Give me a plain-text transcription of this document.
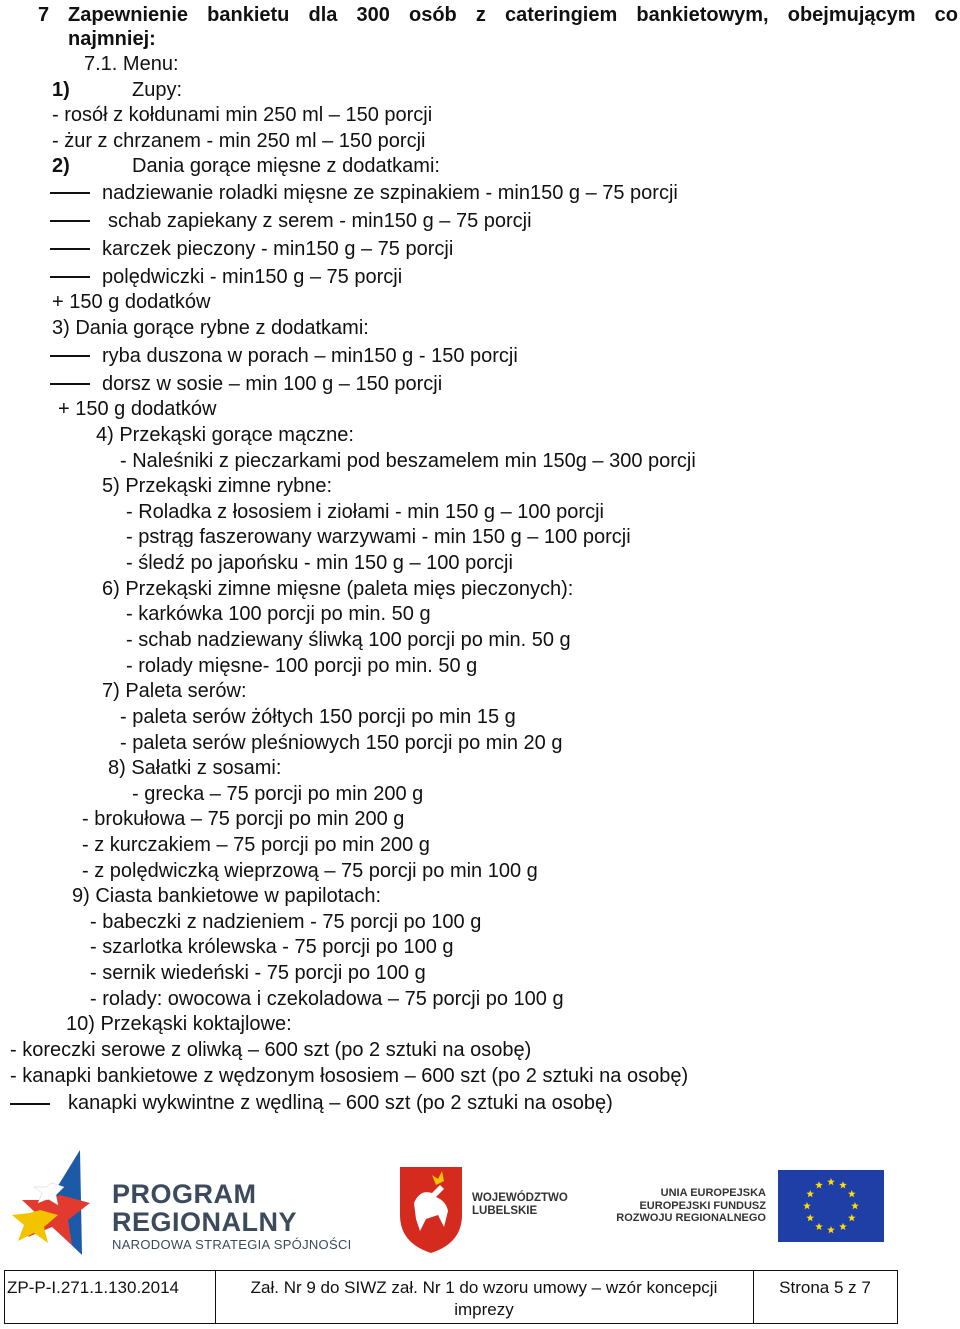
7 Zapewnienie bankietu dla 300 osób z cateringiem bankietowym, obejmującym co
najmniej:
7.1. Menu:
1)	Zupy:
- rosół z kołdunami min 250 ml – 150 porcji
- żur z chrzanem - min 250 ml – 150 porcji
2)	Dania gorące mięsne z dodatkami:
nadziewanie roladki mięsne ze szpinakiem - min150 g – 75 porcji
schab zapiekany z serem - min150 g – 75 porcji
karczek pieczony - min150 g – 75 porcji
polędwiczki - min150 g – 75 porcji
+ 150 g dodatków
3) Dania gorące rybne z dodatkami:
ryba duszona w porach – min150 g - 150 porcji
dorsz w sosie – min 100 g – 150 porcji
+ 150 g dodatków
4) Przekąski gorące mączne:
- Naleśniki z pieczarkami pod beszamelem min 150g – 300 porcji
5) Przekąski zimne rybne:
- Roladka z łososiem i ziołami - min 150 g – 100 porcji
- pstrąg faszerowany warzywami - min 150 g – 100 porcji
- śledź po japońsku - min 150 g – 100 porcji
6) Przekąski zimne mięsne (paleta mięs pieczonych):
- karkówka 100 porcji po min. 50 g
- schab nadziewany śliwką 100 porcji po min. 50 g
- rolady mięsne- 100 porcji po min. 50 g
7) Paleta serów:
- paleta serów żółtych 150 porcji po min 15 g
- paleta serów pleśniowych 150 porcji po min 20 g
8) Sałatki z sosami:
- grecka – 75 porcji po min 200 g
- brokułowa – 75 porcji po min 200 g
- z kurczakiem – 75 porcji po min 200 g
- z polędwiczką wieprzową – 75 porcji po min 100 g
9) Ciasta bankietowe w papilotach:
- babeczki z nadzieniem - 75 porcji po 100 g
- szarlotka królewska - 75 porcji po 100 g
- sernik wiedeński - 75 porcji po 100 g
- rolady: owocowa i czekoladowa – 75 porcji po 100 g
10) Przekąski koktajlowe:
- koreczki serowe z oliwką – 600 szt (po 2 sztuki na osobę)
- kanapki bankietowe z wędzonym łososiem – 600 szt (po 2 sztuki na osobę)
kanapki wykwintne z wędliną – 600 szt (po 2 sztuki na osobę)
PROGRAM
REGIONALNY
NARODOWA STRATEGIA SPÓJNOŚCI
WOJEWÓDZTWO
LUBELSKIE
UNIA EUROPEJSKA
EUROPEJSKI FUNDUSZ
ROZWOJU REGIONALNEGO
ZP-P-I.271.1.130.2014	Zał. Nr 9 do SIWZ zał. Nr 1 do wzoru umowy – wzór koncepcji
imprezy
Strona 5 z 7
